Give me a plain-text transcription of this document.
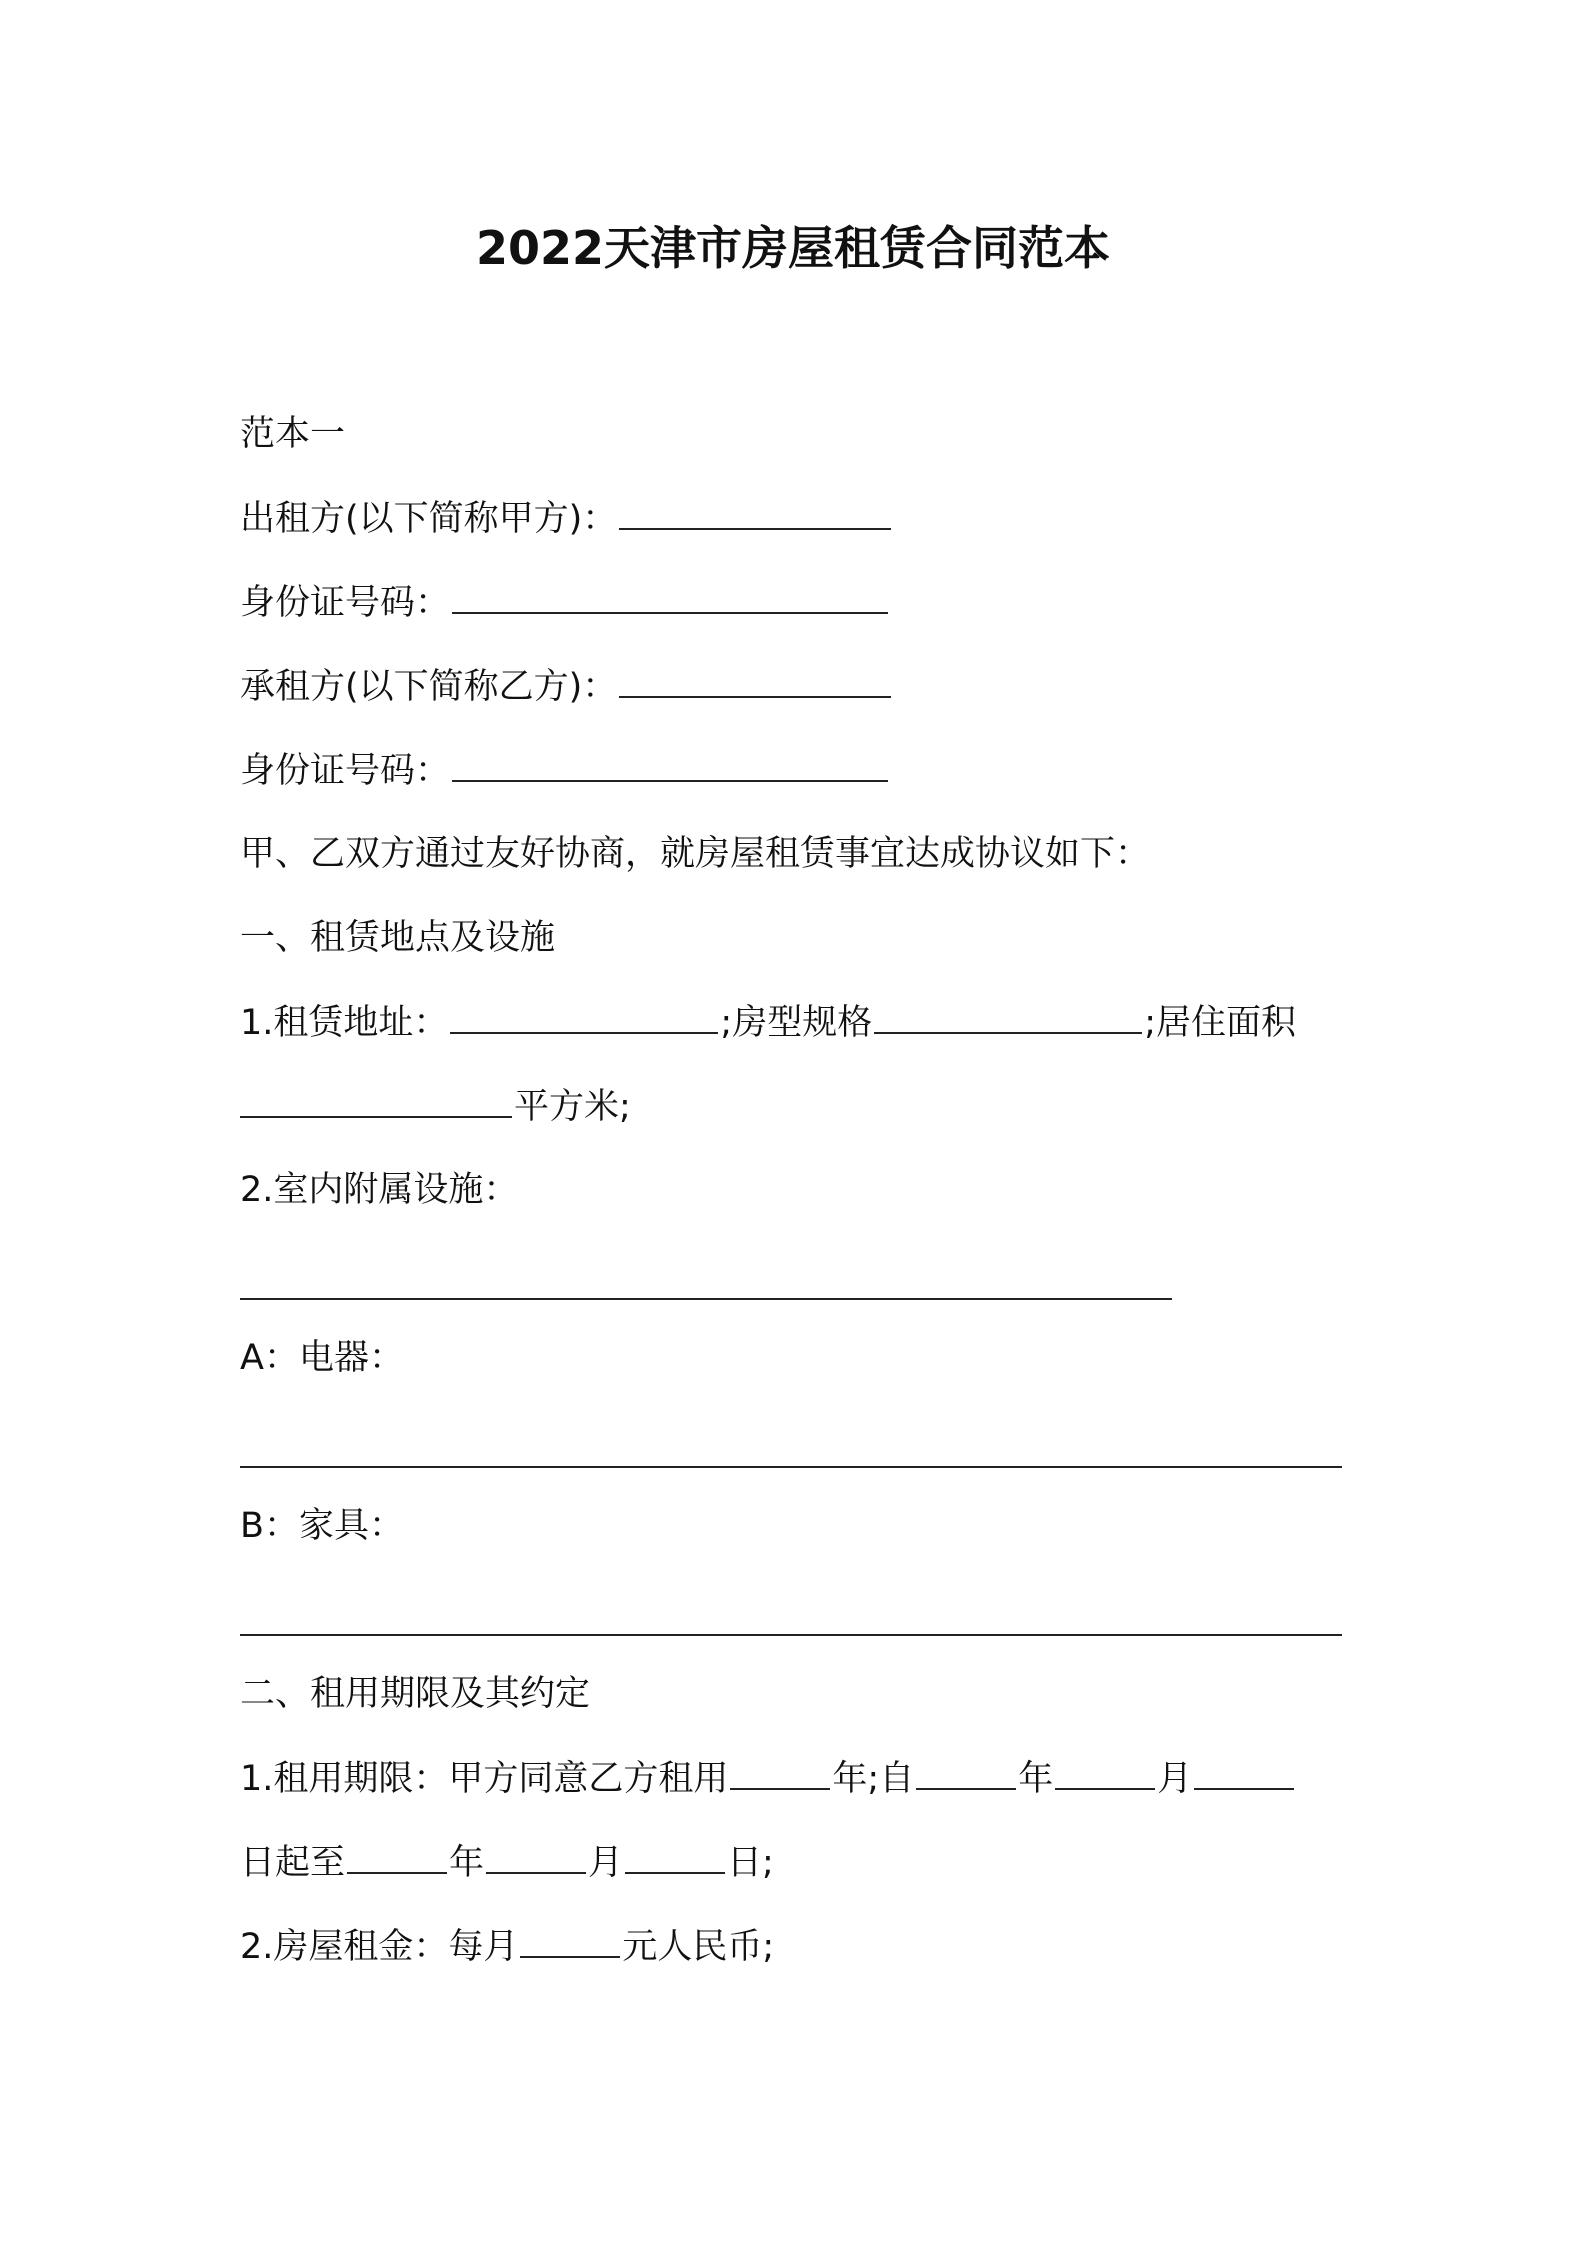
2022天津市房屋租赁合同范本
范本一
出租方(以下简称甲方)：
身份证号码：
承租方(以下简称乙方)：
身份证号码：
甲、乙双方通过友好协商，就房屋租赁事宜达成协议如下：
一、租赁地点及设施
1.租赁地址：	;房型规格	;居住面积
平方米;
2.室内附属设施：
A：电器：
B：家具：
二、租用期限及其约定
1.租用期限：甲方同意乙方租用	年;自	年	月
日起至	年	月	日;
2.房屋租金：每月	元人民币;
